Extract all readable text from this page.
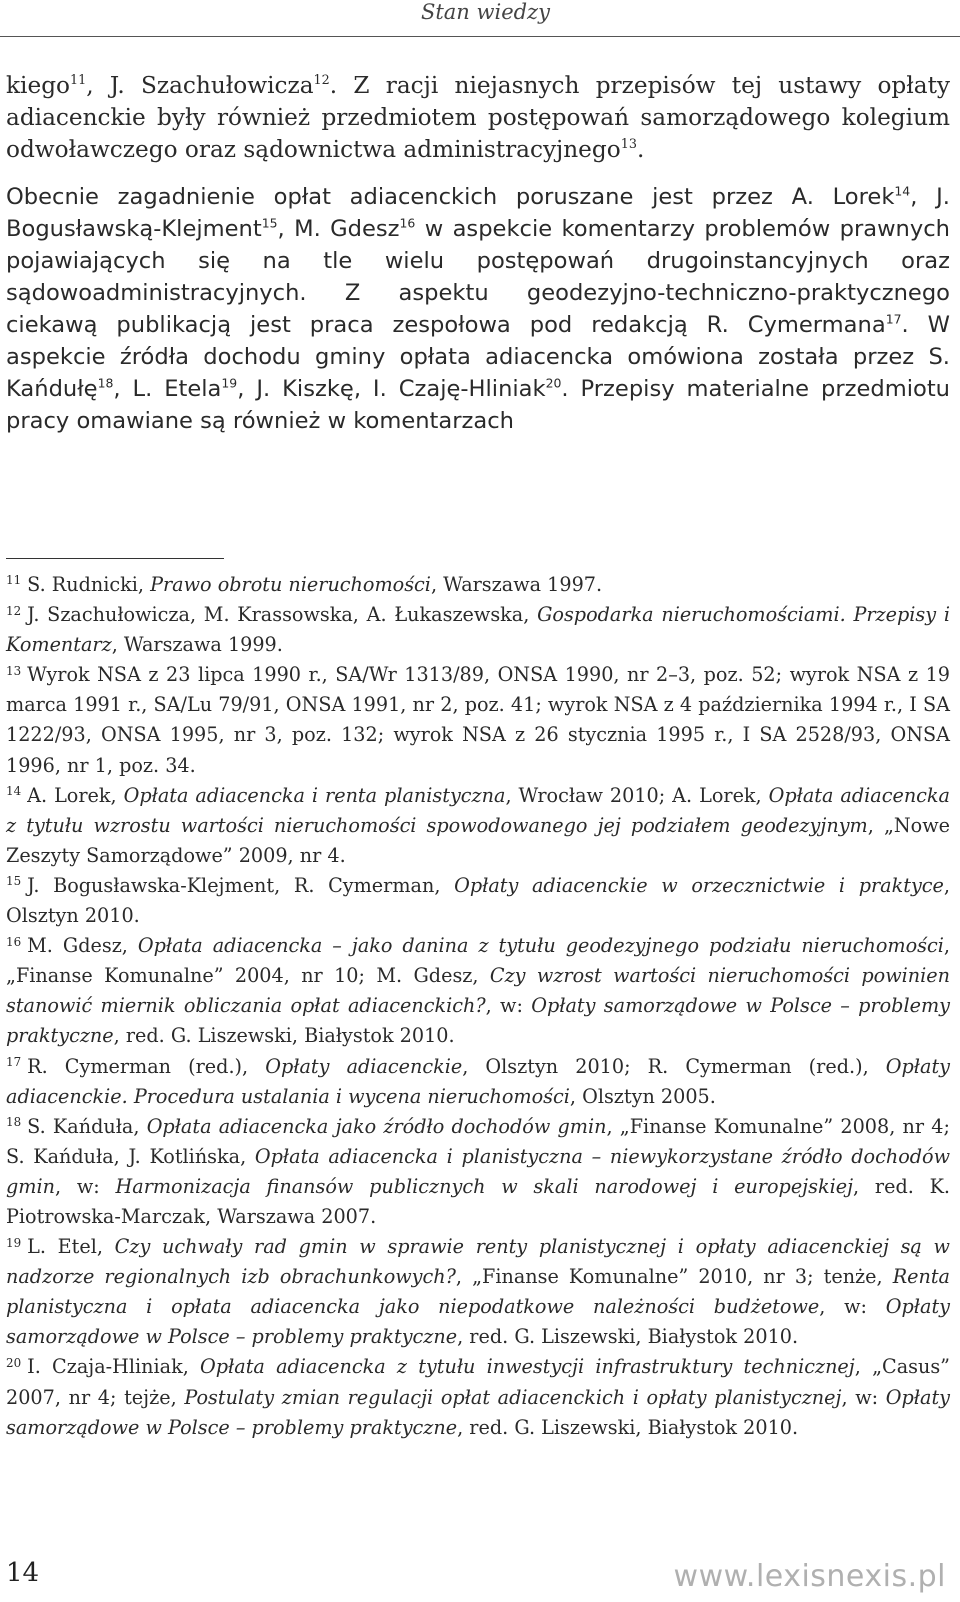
Stan wiedzy

kiego$^{11}$, J. Szachułowicza$^{12}$. Z racji niejasnych przepisów tej ustawy opłaty adiacenckie były również przedmiotem postępowań samorządowego kolegium odwoławczego oraz sądownictwa administracyjnego$^{13}$.

Obecnie zagadnienie opłat adiacenckich poruszane jest przez A. Lorek$^{14}$, J. Bogusławską-Klejment$^{15}$, M. Gdesz$^{16}$ w aspekcie komentarzy problemów prawnych pojawiających się na tle wielu postępowań drugoinstancyjnych oraz sądowoadministracyjnych. Z aspektu geodezyjno-techniczno-praktycznego ciekawą publikacją jest praca zespołowa pod redakcją R. Cymermana$^{17}$. W aspekcie źródła dochodu gminy opłata adiacencka omówiona została przez S. Kańdułę$^{18}$, L. Etela$^{19}$, J. Kiszkę, I. Czaję-Hliniak$^{20}$. Przepisy materialne przedmiotu pracy omawiane są również w komentarzach

$^{11}$ S. Rudnicki, Prawo obrotu nieruchomości, Warszawa 1997.

$^{12}$ J. Szachułowicza, M. Krassowska, A. Łukaszewska, Gospodarka nieruchomościami. Przepisy i Komentarz, Warszawa 1999.

$^{13}$ Wyrok NSA z 23 lipca 1990 r., SA/Wr 1313/89, ONSA 1990, nr 2–3, poz. 52; wyrok NSA z 19 marca 1991 r., SA/Lu 79/91, ONSA 1991, nr 2, poz. 41; wyrok NSA z 4 października 1994 r., I SA 1222/93, ONSA 1995, nr 3, poz. 132; wyrok NSA z 26 stycznia 1995 r., I SA 2528/93, ONSA 1996, nr 1, poz. 34.

$^{14}$ A. Lorek, Opłata adiacencka i renta planistyczna, Wrocław 2010; A. Lorek, Opłata adiacencka z tytułu wzrostu wartości nieruchomości spowodowanego jej podziałem geodezyjnym, „Nowe Zeszyty Samorządowe” 2009, nr 4.

$^{15}$ J. Bogusławska-Klejment, R. Cymerman, Opłaty adiacenckie w orzecznictwie i praktyce, Olsztyn 2010.

$^{16}$ M. Gdesz, Opłata adiacencka – jako danina z tytułu geodezyjnego podziału nieruchomości, „Finanse Komunalne” 2004, nr 10; M. Gdesz, Czy wzrost wartości nieruchomości powinien stanowić miernik obliczania opłat adiacenckich?, w: Opłaty samorządowe w Polsce – problemy praktyczne, red. G. Liszewski, Białystok 2010.

$^{17}$ R. Cymerman (red.), Opłaty adiacenckie, Olsztyn 2010; R. Cymerman (red.), Opłaty adiacenckie. Procedura ustalania i wycena nieruchomości, Olsztyn 2005.

$^{18}$ S. Kańduła, Opłata adiacencka jako źródło dochodów gmin, „Finanse Komunalne” 2008, nr 4; S. Kańduła, J. Kotlińska, Opłata adiacencka i planistyczna – niewykorzystane źródło dochodów gmin, w: Harmonizacja finansów publicznych w skali narodowej i europejskiej, red. K. Piotrowska-Marczak, Warszawa 2007.

$^{19}$ L. Etel, Czy uchwały rad gmin w sprawie renty planistycznej i opłaty adiacenckiej są w nadzorze regionalnych izb obrachunkowych?, „Finanse Komunalne” 2010, nr 3; tenże, Renta planistyczna i opłata adiacencka jako niepodatkowe należności budżetowe, w: Opłaty samorządowe w Polsce – problemy praktyczne, red. G. Liszewski, Białystok 2010.

$^{20}$ I. Czaja-Hliniak, Opłata adiacencka z tytułu inwestycji infrastruktury technicznej, „Casus” 2007, nr 4; tejże, Postulaty zmian regulacji opłat adiacenckich i opłaty planistycznej, w: Opłaty samorządowe w Polsce – problemy praktyczne, red. G. Liszewski, Białystok 2010.

14	www.lexisnexis.pl
